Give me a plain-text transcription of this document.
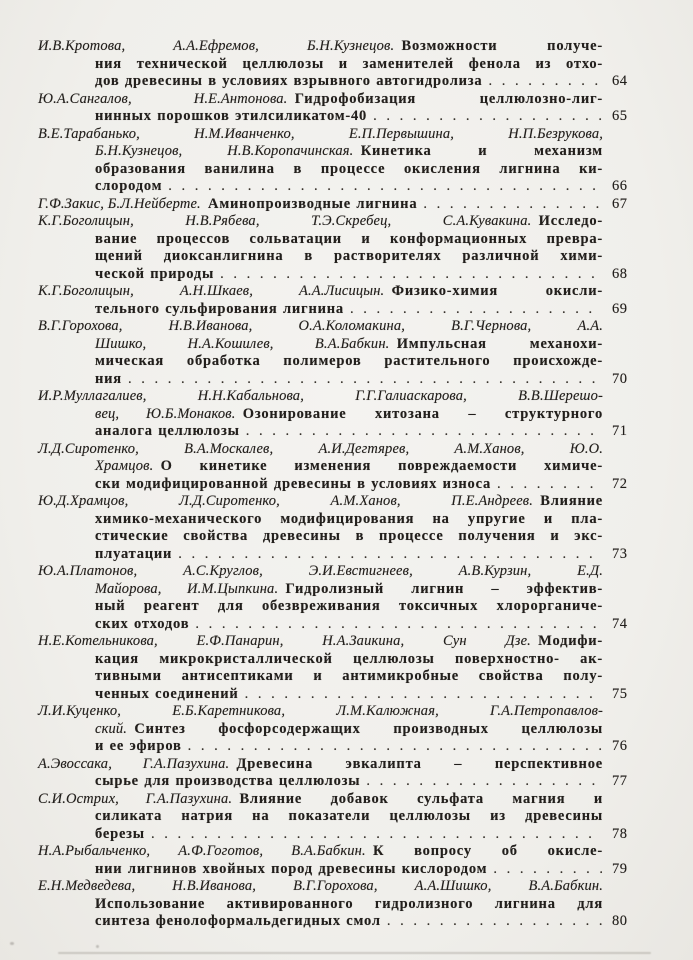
И.В.Кротова, А.А.Ефремов, Б.Н.Кузнецов. Возможности получе-
ния технической целлюлозы и заменителей фенола из отхо-
дов древесины в условиях взрывного автогидролиза . . .	64
Ю.А.Сангалов, Н.Е.Антонова. Гидрофобизация целлюлозно-лиг-
нинных порошков этилсиликатом-40 . . .	65
В.Е.Тарабанько, Н.М.Иванченко, Е.П.Первышина, Н.П.Безрукова,
Б.Н.Кузнецов, Н.В.Коропачинская. Кинетика и механизм
образования ванилина в процессе окисления лигнина ки-
слородом . . .	66
Г.Ф.Закис, Б.Л.Нейберте. Аминопроизводные лигнина . . .	67
К.Г.Боголицын, Н.В.Рябева, Т.Э.Скребец, С.А.Кувакина. Исследо-
вание процессов сольватации и конформационных превра-
щений диоксанлигнина в растворителях различной хими-
ческой природы . . .	68
К.Г.Боголицын, А.Н.Шкаев, А.А.Лисицын. Физико-химия окисли-
тельного сульфирования лигнина . . .	69
В.Г.Горохова, Н.В.Иванова, О.А.Коломакина, В.Г.Чернова, А.А.
Шишко, Н.А.Кошилев, В.А.Бабкин. Импульсная механохи-
мическая обработка полимеров растительного происхожде-
ния . . .	70
И.Р.Муллагалиев, Н.Н.Кабальнова, Г.Г.Галиаскарова, В.В.Шерешо-
вец, Ю.Б.Монаков. Озонирование хитозана – структурного
аналога целлюлозы . . .	71
Л.Д.Сиротенко, В.А.Москалев, А.И.Дегтярев, А.М.Ханов, Ю.О.
Храмцов. О кинетике изменения повреждаемости химиче-
ски модифицированной древесины в условиях износа . . .	72
Ю.Д.Храмцов, Л.Д.Сиротенко, А.М.Ханов, П.Е.Андреев. Влияние
химико-механического модифицирования на упругие и пла-
стические свойства древесины в процессе получения и экс-
плуатации . . .	73
Ю.А.Платонов, А.С.Круглов, Э.И.Евстигнеев, А.В.Курзин, Е.Д.
Майорова, И.М.Цыпкина. Гидролизный лигнин – эффектив-
ный реагент для обезвреживания токсичных хлорорганиче-
ских отходов . . .	74
Н.Е.Котельникова, Е.Ф.Панарин, Н.А.Заикина, Сун Дзе. Модифи-
кация микрокристаллической целлюлозы поверхностно- ак-
тивными антисептиками и антимикробные свойства полу-
ченных соединений . . .	75
Л.И.Куценко, Е.Б.Каретникова, Л.М.Калюжная, Г.А.Петропавлов-
ский. Синтез фосфорсодержащих производных целлюлозы
и ее эфиров . . .	76
А.Эвоссака, Г.А.Пазухина. Древесина эвкалипта – перспективное
сырье для производства целлюлозы . . .	77
С.И.Острих, Г.А.Пазухина. Влияние добавок сульфата магния и
силиката натрия на показатели целлюлозы из древесины
березы . . .	78
Н.А.Рыбальченко, А.Ф.Гоготов, В.А.Бабкин. К вопросу об окисле-
нии лигнинов хвойных пород древесины кислородом . . .	79
Е.Н.Медведева, Н.В.Иванова, В.Г.Горохова, А.А.Шишко, В.А.Бабкин.
Использование активированного гидролизного лигнина для
синтеза фенолоформальдегидных смол . . .	80
